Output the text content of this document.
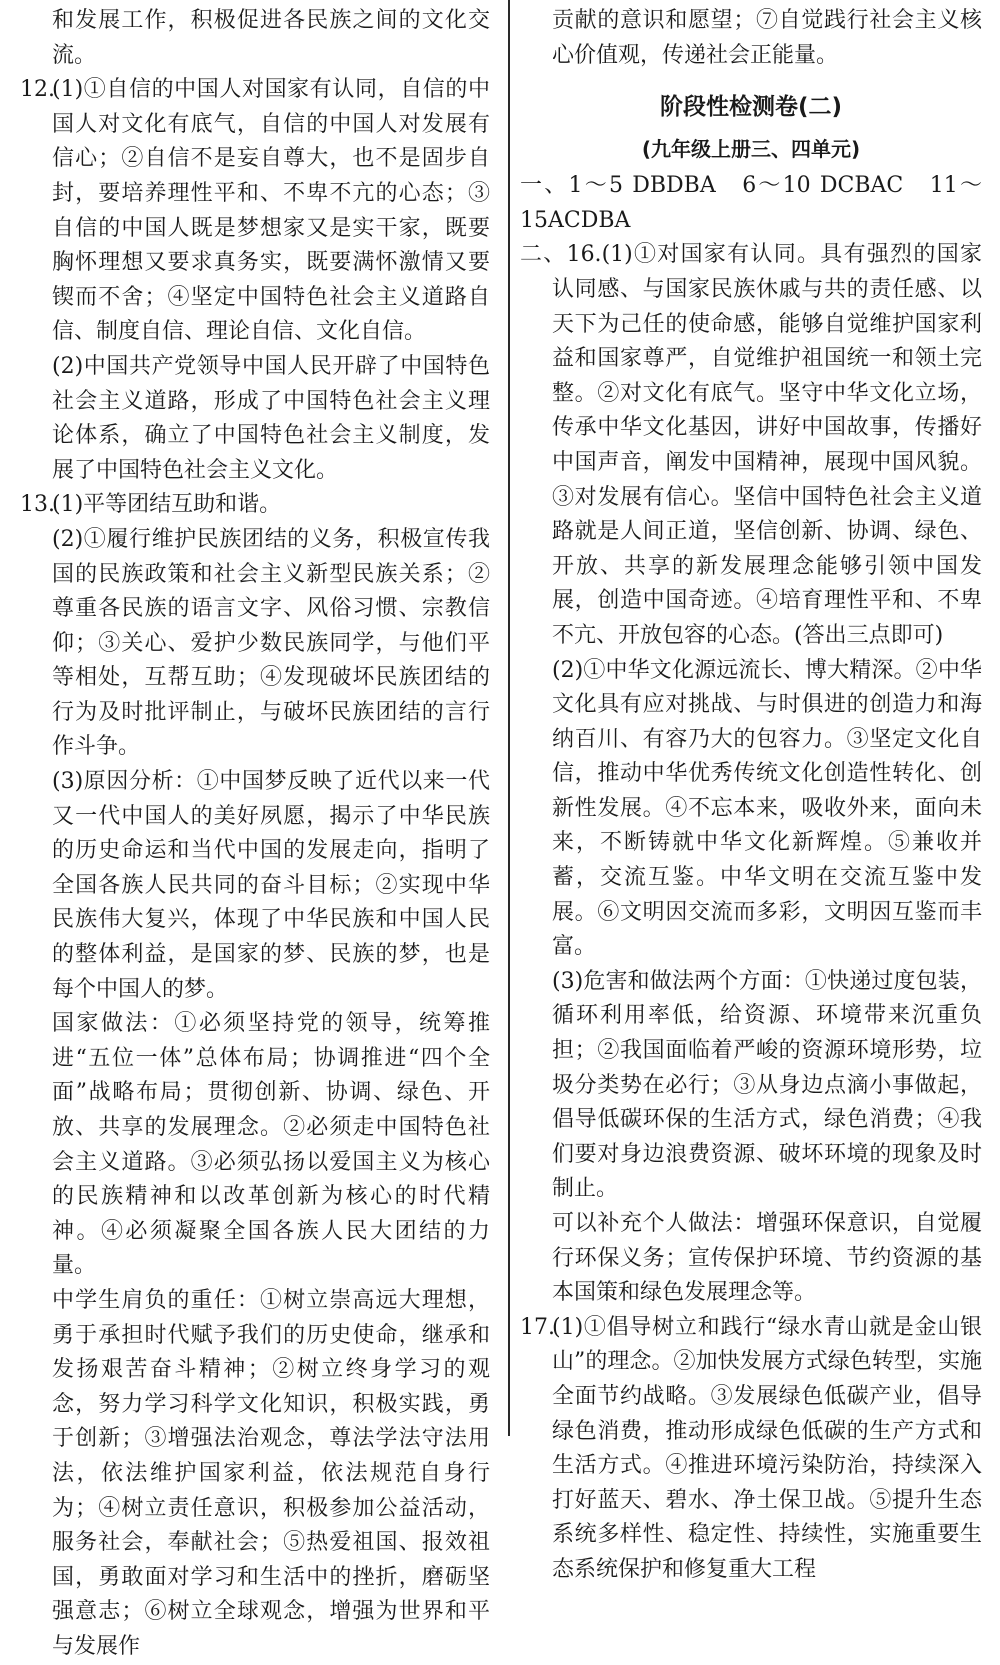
和发展工作，积极促进各民族之间的文化交流。

12.(1)①自信的中国人对国家有认同，自信的中国人对文化有底气，自信的中国人对发展有信心；②自信不是妄自尊大，也不是固步自封，要培养理性平和、不卑不亢的心态；③自信的中国人既是梦想家又是实干家，既要胸怀理想又要求真务实，既要满怀激情又要锲而不舍；④坚定中国特色社会主义道路自信、制度自信、理论自信、文化自信。

(2)中国共产党领导中国人民开辟了中国特色社会主义道路，形成了中国特色社会主义理论体系，确立了中国特色社会主义制度，发展了中国特色社会主义文化。

13.(1)平等团结互助和谐。

(2)①履行维护民族团结的义务，积极宣传我国的民族政策和社会主义新型民族关系；②尊重各民族的语言文字、风俗习惯、宗教信仰；③关心、爱护少数民族同学，与他们平等相处，互帮互助；④发现破坏民族团结的行为及时批评制止，与破坏民族团结的言行作斗争。

(3)原因分析：①中国梦反映了近代以来一代又一代中国人的美好夙愿，揭示了中华民族的历史命运和当代中国的发展走向，指明了全国各族人民共同的奋斗目标；②实现中华民族伟大复兴，体现了中华民族和中国人民的整体利益，是国家的梦、民族的梦，也是每个中国人的梦。

国家做法：①必须坚持党的领导，统筹推进“五位一体”总体布局；协调推进“四个全面”战略布局；贯彻创新、协调、绿色、开放、共享的发展理念。②必须走中国特色社会主义道路。③必须弘扬以爱国主义为核心的民族精神和以改革创新为核心的时代精神。④必须凝聚全国各族人民大团结的力量。

中学生肩负的重任：①树立崇高远大理想，勇于承担时代赋予我们的历史使命，继承和发扬艰苦奋斗精神；②树立终身学习的观念，努力学习科学文化知识，积极实践，勇于创新；③增强法治观念，尊法学法守法用法，依法维护国家利益，依法规范自身行为；④树立责任意识，积极参加公益活动，服务社会，奉献社会；⑤热爱祖国、报效祖国，勇敢面对学习和生活中的挫折，磨砺坚强意志；⑥树立全球观念，增强为世界和平与发展作

贡献的意识和愿望；⑦自觉践行社会主义核心价值观，传递社会正能量。

阶段性检测卷(二)
(九年级上册三、四单元)

一、1～5 DBDBA　6～10 DCBAC　11～15ACDBA

二、16.(1)①对国家有认同。具有强烈的国家认同感、与国家民族休戚与共的责任感、以天下为己任的使命感，能够自觉维护国家利益和国家尊严，自觉维护祖国统一和领土完整。②对文化有底气。坚守中华文化立场，传承中华文化基因，讲好中国故事，传播好中国声音，阐发中国精神，展现中国风貌。③对发展有信心。坚信中国特色社会主义道路就是人间正道，坚信创新、协调、绿色、开放、共享的新发展理念能够引领中国发展，创造中国奇迹。④培育理性平和、不卑不亢、开放包容的心态。(答出三点即可)

(2)①中华文化源远流长、博大精深。②中华文化具有应对挑战、与时俱进的创造力和海纳百川、有容乃大的包容力。③坚定文化自信，推动中华优秀传统文化创造性转化、创新性发展。④不忘本来，吸收外来，面向未来，不断铸就中华文化新辉煌。⑤兼收并蓄，交流互鉴。中华文明在交流互鉴中发展。⑥文明因交流而多彩，文明因互鉴而丰富。

(3)危害和做法两个方面：①快递过度包装，循环利用率低，给资源、环境带来沉重负担；②我国面临着严峻的资源环境形势，垃圾分类势在必行；③从身边点滴小事做起，倡导低碳环保的生活方式，绿色消费；④我们要对身边浪费资源、破坏环境的现象及时制止。

可以补充个人做法：增强环保意识，自觉履行环保义务；宣传保护环境、节约资源的基本国策和绿色发展理念等。

17.(1)①倡导树立和践行“绿水青山就是金山银山”的理念。②加快发展方式绿色转型，实施全面节约战略。③发展绿色低碳产业，倡导绿色消费，推动形成绿色低碳的生产方式和生活方式。④推进环境污染防治，持续深入打好蓝天、碧水、净土保卫战。⑤提升生态系统多样性、稳定性、持续性，实施重要生态系统保护和修复重大工程
